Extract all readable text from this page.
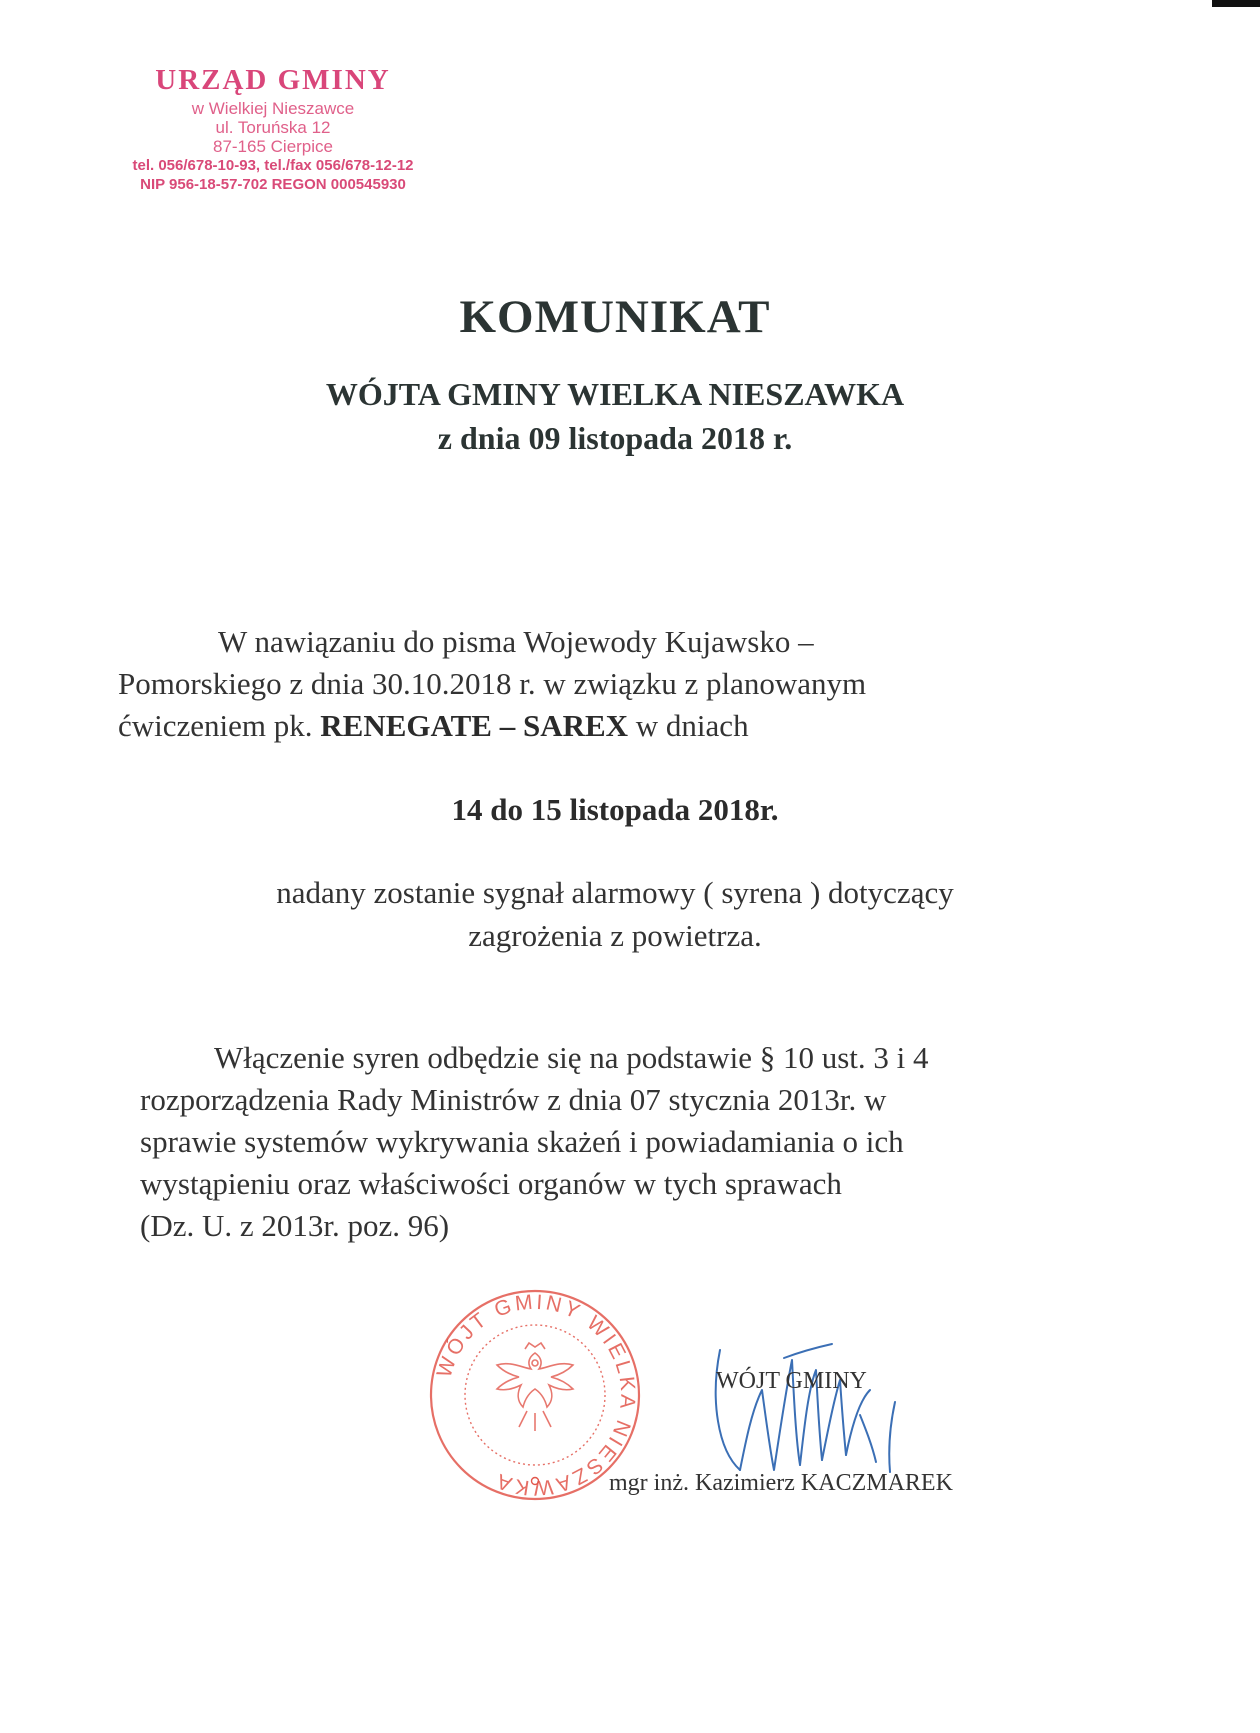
URZĄD GMINY
w Wielkiej Nieszawce
ul. Toruńska 12
87-165 Cierpice
tel. 056/678-10-93, tel./fax 056/678-12-12
NIP 956-18-57-702 REGON 000545930
KOMUNIKAT
WÓJTA GMINY WIELKA NIESZAWKA
z dnia 09 listopada 2018 r.
W nawiązaniu do pisma Wojewody Kujawsko –
Pomorskiego z dnia 30.10.2018 r. w związku z planowanym
ćwiczeniem pk. RENEGATE – SAREX w dniach
14 do 15 listopada 2018r.
nadany zostanie sygnał alarmowy ( syrena ) dotyczący
zagrożenia z powietrza.
Włączenie syren odbędzie się na podstawie § 10 ust. 3 i 4
rozporządzenia Rady Ministrów z dnia 07 stycznia 2013r. w
sprawie systemów wykrywania skażeń i powiadamiania o ich
wystąpieniu oraz właściwości organów w tych sprawach
(Dz. U. z 2013r. poz. 96)
WÓJT GMINY WIELKA NIESZAWKA
WÓJT GMINY
mgr inż. Kazimierz KACZMAREK
